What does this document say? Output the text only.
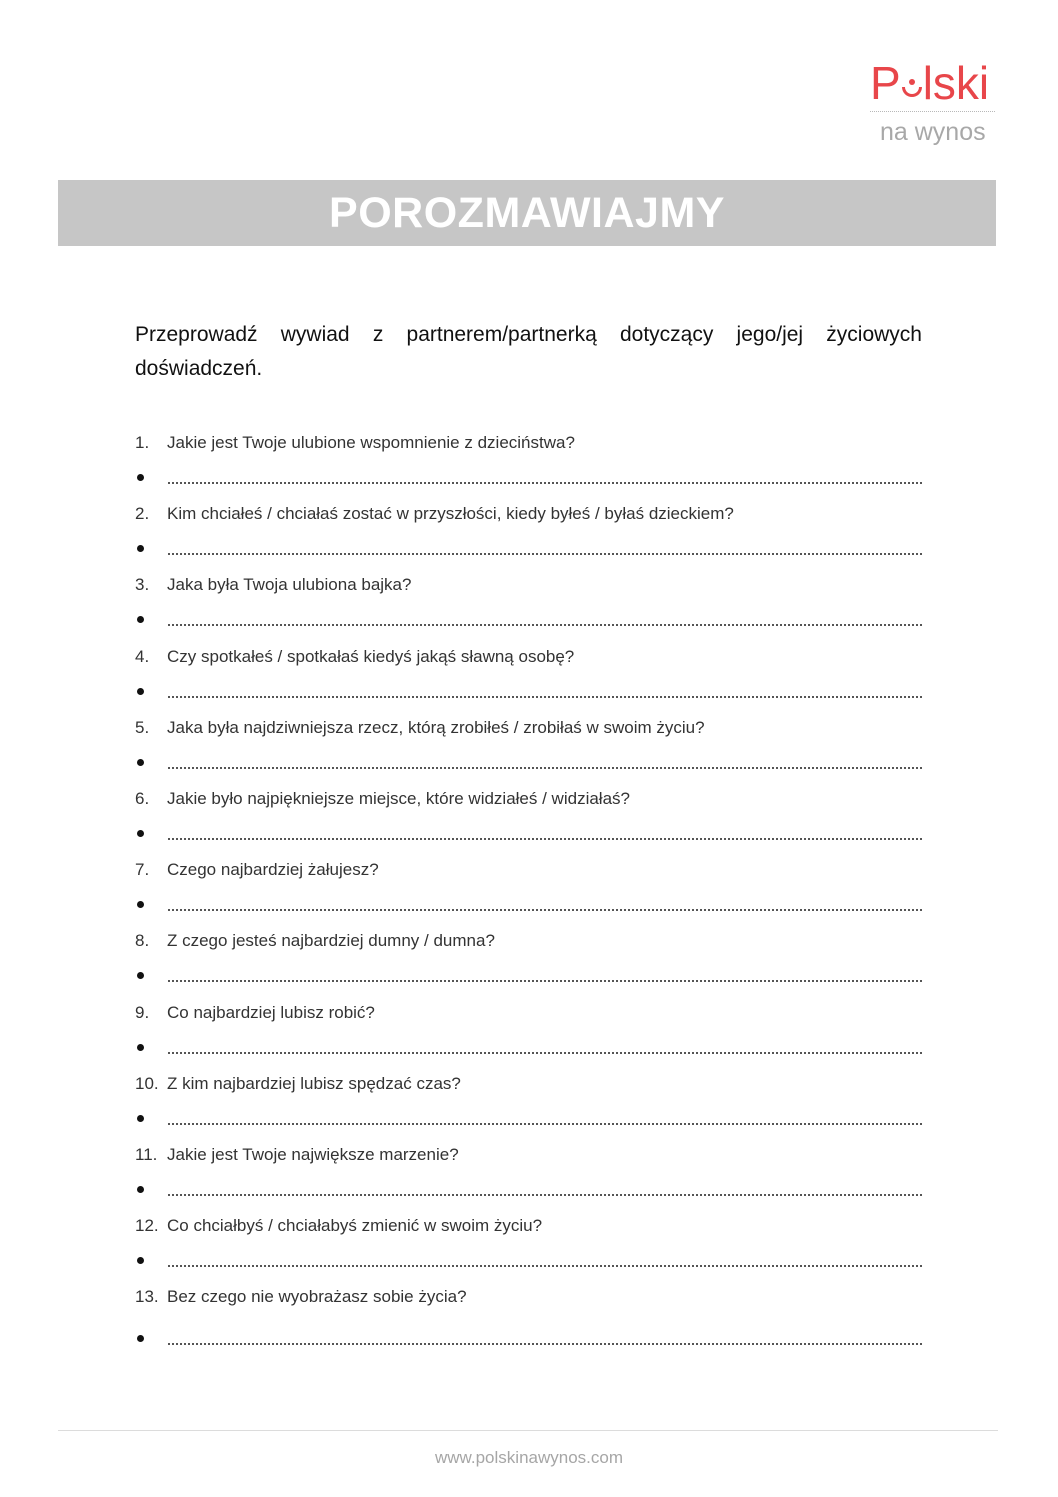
P lski
na wynos
POROZMAWIAJMY
Przeprowadź wywiad z partnerem/partnerką dotyczący jego/jej życiowych doświadczeń.
1. Jakie jest Twoje ulubione wspomnienie z dzieciństwa?
2. Kim chciałeś / chciałaś zostać w przyszłości, kiedy byłeś / byłaś dzieckiem?
3. Jaka była Twoja ulubiona bajka?
4. Czy spotkałeś / spotkałaś kiedyś jakąś sławną osobę?
5. Jaka była najdziwniejsza rzecz, którą zrobiłeś / zrobiłaś w swoim życiu?
6. Jakie było najpiękniejsze miejsce, które widziałeś / widziałaś?
7. Czego najbardziej żałujesz?
8. Z czego jesteś najbardziej dumny / dumna?
9. Co najbardziej lubisz robić?
10. Z kim najbardziej lubisz spędzać czas?
11. Jakie jest Twoje największe marzenie?
12. Co chciałbyś / chciałabyś zmienić w swoim życiu?
13. Bez czego nie wyobrażasz sobie życia?
www.polskinawynos.com
